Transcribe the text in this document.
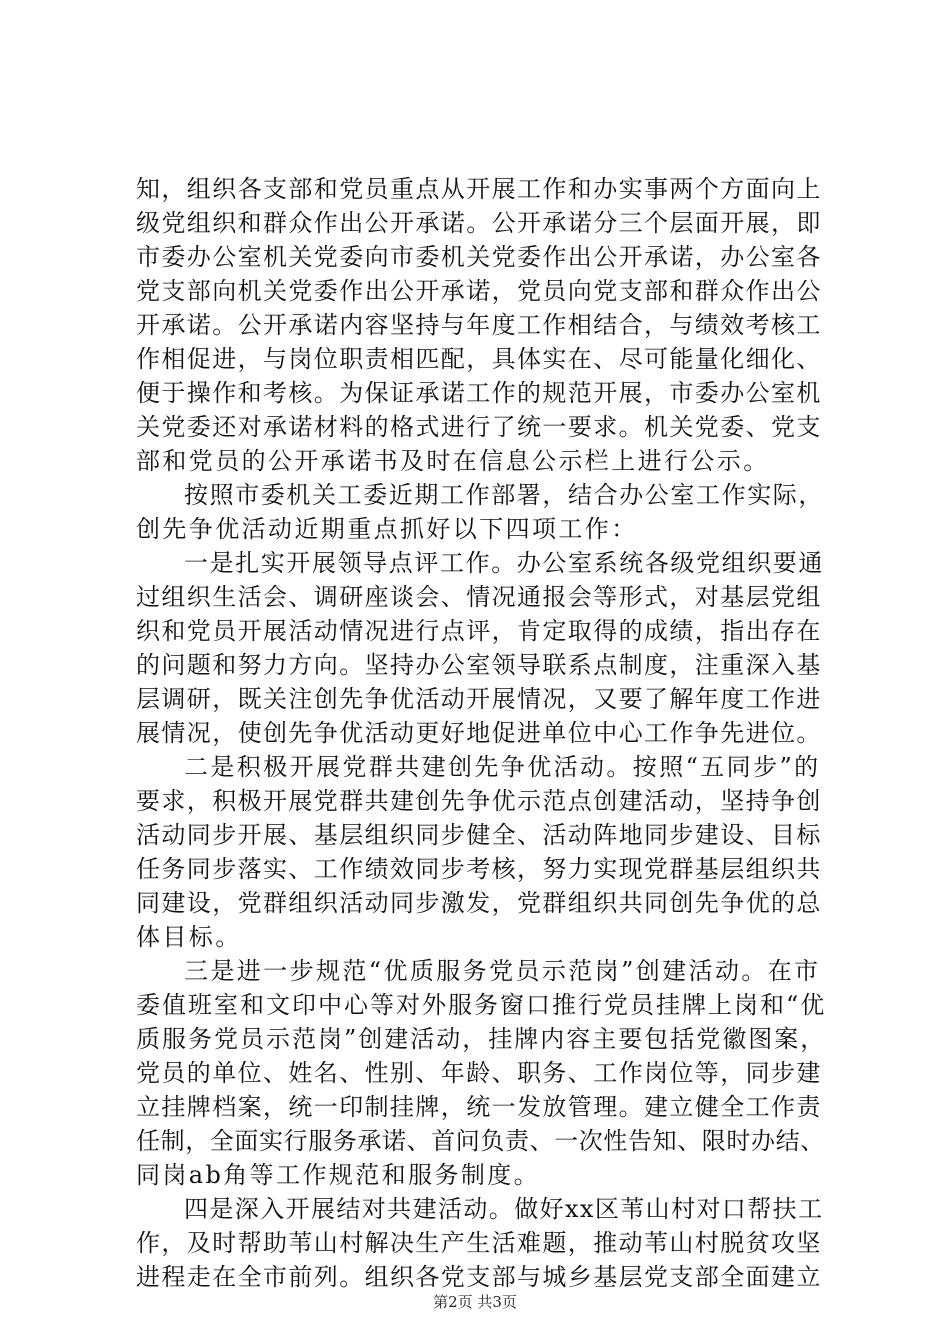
知，组织各支部和党员重点从开展工作和办实事两个方面向上
级党组织和群众作出公开承诺。公开承诺分三个层面开展，即
市委办公室机关党委向市委机关党委作出公开承诺，办公室各
党支部向机关党委作出公开承诺，党员向党支部和群众作出公
开承诺。公开承诺内容坚持与年度工作相结合，与绩效考核工
作相促进，与岗位职责相匹配，具体实在、尽可能量化细化、
便于操作和考核。为保证承诺工作的规范开展，市委办公室机
关党委还对承诺材料的格式进行了统一要求。机关党委、党支
部和党员的公开承诺书及时在信息公示栏上进行公示。
按照市委机关工委近期工作部署，结合办公室工作实际，
创先争优活动近期重点抓好以下四项工作：
一是扎实开展领导点评工作。办公室系统各级党组织要通
过组织生活会、调研座谈会、情况通报会等形式，对基层党组
织和党员开展活动情况进行点评，肯定取得的成绩，指出存在
的问题和努力方向。坚持办公室领导联系点制度，注重深入基
层调研，既关注创先争优活动开展情况，又要了解年度工作进
展情况，使创先争优活动更好地促进单位中心工作争先进位。
二是积极开展党群共建创先争优活动。按照“五同步”的
要求，积极开展党群共建创先争优示范点创建活动，坚持争创
活动同步开展、基层组织同步健全、活动阵地同步建设、目标
任务同步落实、工作绩效同步考核，努力实现党群基层组织共
同建设，党群组织活动同步激发，党群组织共同创先争优的总
体目标。
三是进一步规范“优质服务党员示范岗”创建活动。在市
委值班室和文印中心等对外服务窗口推行党员挂牌上岗和“优
质服务党员示范岗”创建活动，挂牌内容主要包括党徽图案，
党员的单位、姓名、性别、年龄、职务、工作岗位等，同步建
立挂牌档案，统一印制挂牌，统一发放管理。建立健全工作责
任制，全面实行服务承诺、首问负责、一次性告知、限时办结、
同岗ab角等工作规范和服务制度。
四是深入开展结对共建活动。做好xx区苇山村对口帮扶工
作，及时帮助苇山村解决生产生活难题，推动苇山村脱贫攻坚
进程走在全市前列。组织各党支部与城乡基层党支部全面建立
第2页 共3页
